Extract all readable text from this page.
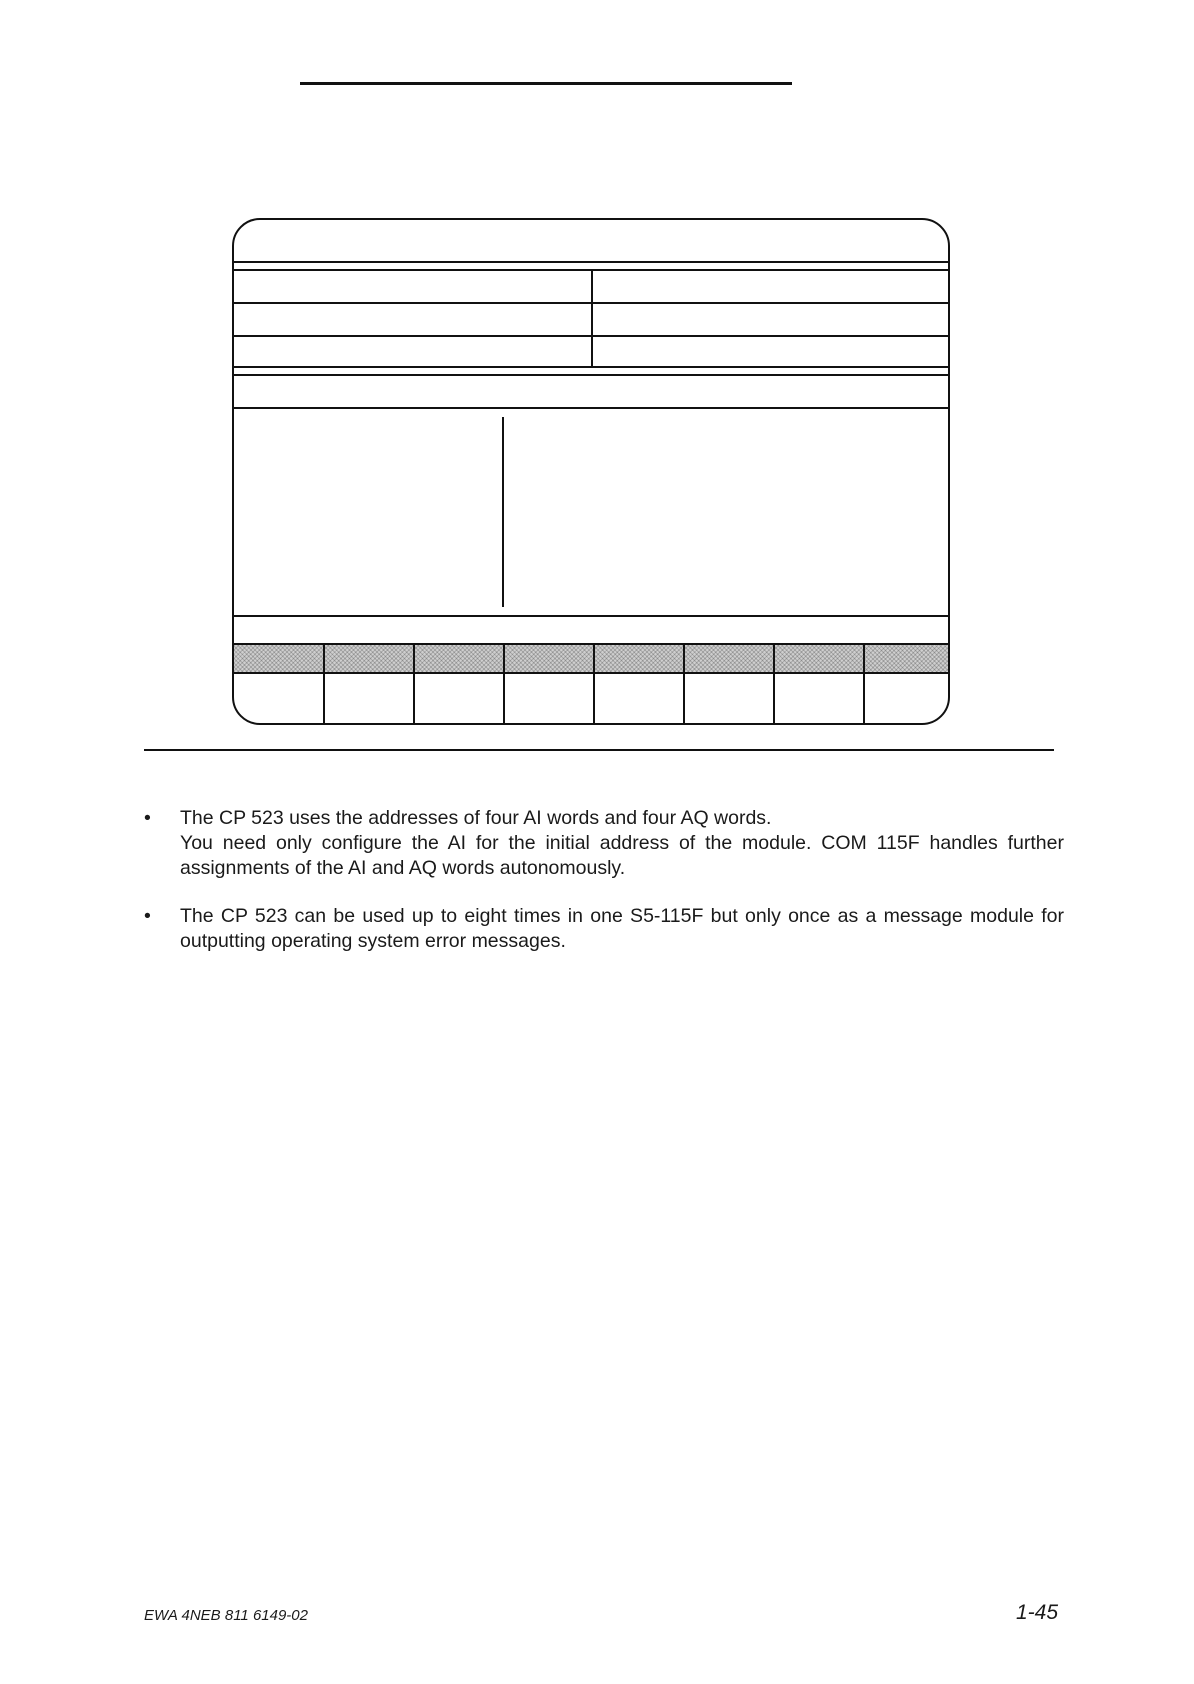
•	The CP 523 uses the addresses of four AI words and four AQ words.

You need only configure the AI for the initial address of the module. COM 115F handles further assignments of the AI and AQ words autonomously.

•	The CP 523 can be used up to eight times in one S5-115F but only once as a message module for outputting operating system error messages.

EWA 4NEB 811 6149-02	1-45
